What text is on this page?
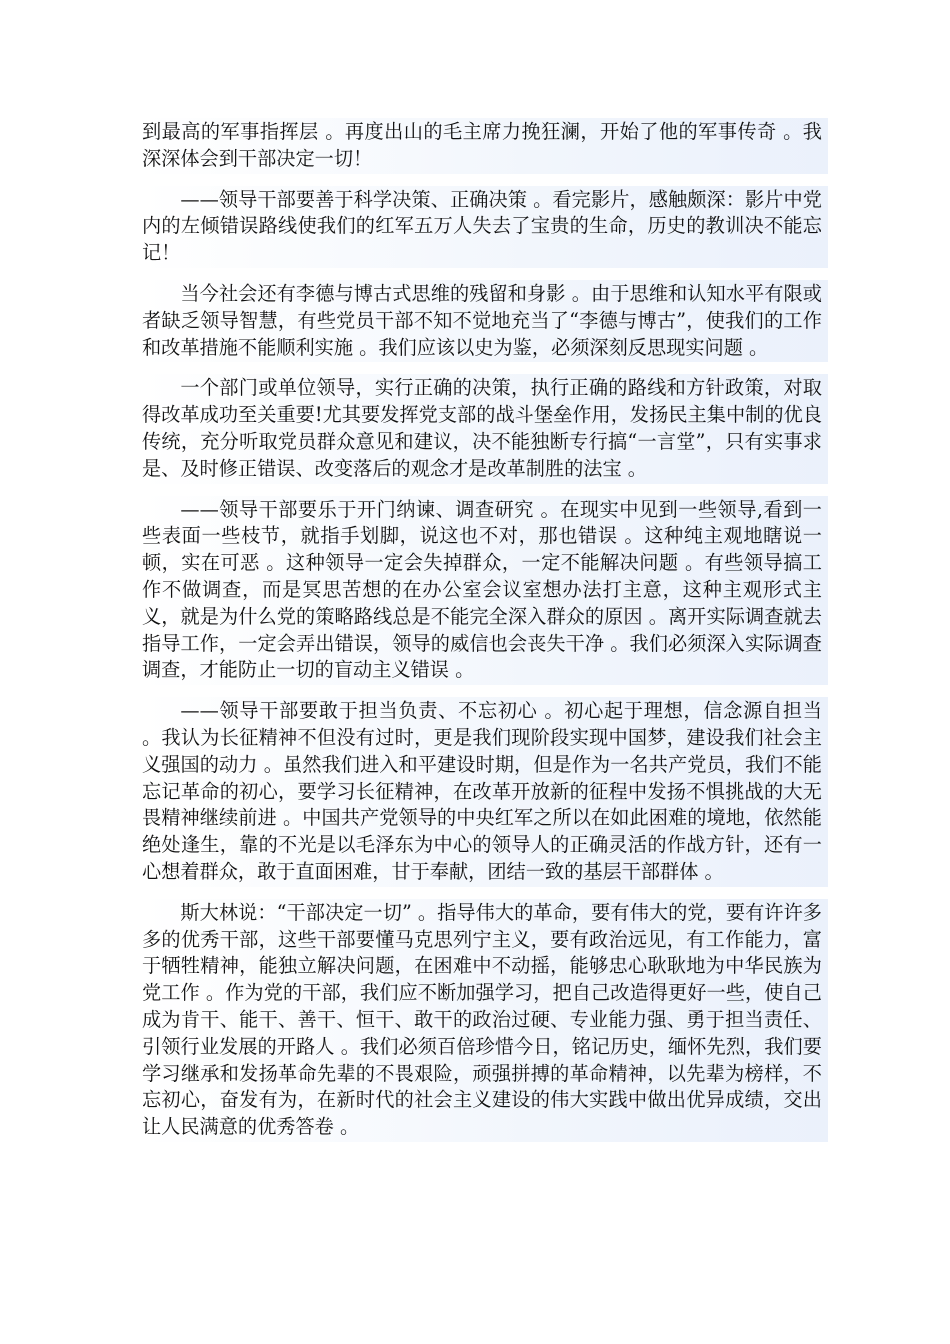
到最高的军事指挥层 。再度出山的毛主席力挽狂澜，开始了他的军事传奇 。我深深体会到干部决定一切！

——领导干部要善于科学决策、正确决策 。看完影片，感触颇深：影片中党内的左倾错误路线使我们的红军五万人失去了宝贵的生命，历史的教训决不能忘记！

当今社会还有李德与博古式思维的残留和身影 。由于思维和认知水平有限或者缺乏领导智慧，有些党员干部不知不觉地充当了“李德与博古”，使我们的工作和改革措施不能顺利实施 。我们应该以史为鉴，必须深刻反思现实问题 。

一个部门或单位领导，实行正确的决策，执行正确的路线和方针政策，对取得改革成功至关重要!尤其要发挥党支部的战斗堡垒作用，发扬民主集中制的优良传统，充分听取党员群众意见和建议，决不能独断专行搞“一言堂”，只有实事求是、及时修正错误、改变落后的观念才是改革制胜的法宝 。

——领导干部要乐于开门纳谏、调查研究 。在现实中见到一些领导,看到一些表面一些枝节，就指手划脚，说这也不对，那也错误 。这种纯主观地瞎说一顿，实在可恶 。这种领导一定会失掉群众，一定不能解决问题 。有些领导搞工作不做调查，而是冥思苦想的在办公室会议室想办法打主意，这种主观形式主义，就是为什么党的策略路线总是不能完全深入群众的原因 。离开实际调查就去指导工作，一定会弄出错误，领导的威信也会丧失干净 。我们必须深入实际调查调查，才能防止一切的盲动主义错误 。

——领导干部要敢于担当负责、不忘初心 。初心起于理想，信念源自担当 。我认为长征精神不但没有过时，更是我们现阶段实现中国梦，建设我们社会主义强国的动力 。虽然我们进入和平建设时期，但是作为一名共产党员，我们不能忘记革命的初心，要学习长征精神，在改革开放新的征程中发扬不惧挑战的大无畏精神继续前进 。中国共产党领导的中央红军之所以在如此困难的境地，依然能绝处逢生，靠的不光是以毛泽东为中心的领导人的正确灵活的作战方针，还有一心想着群众，敢于直面困难，甘于奉献，团结一致的基层干部群体 。

斯大林说：“干部决定一切” 。指导伟大的革命，要有伟大的党，要有许许多多的优秀干部，这些干部要懂马克思列宁主义，要有政治远见，有工作能力，富于牺牲精神，能独立解决问题，在困难中不动摇，能够忠心耿耿地为中华民族为党工作 。作为党的干部，我们应不断加强学习，把自己改造得更好一些，使自己成为肯干、能干、善干、恒干、敢干的政治过硬、专业能力强、勇于担当责任、引领行业发展的开路人 。我们必须百倍珍惜今日，铭记历史，缅怀先烈，我们要学习继承和发扬革命先辈的不畏艰险，顽强拼搏的革命精神，以先辈为榜样，不忘初心，奋发有为，在新时代的社会主义建设的伟大实践中做出优异成绩，交出让人民满意的优秀答卷 。
